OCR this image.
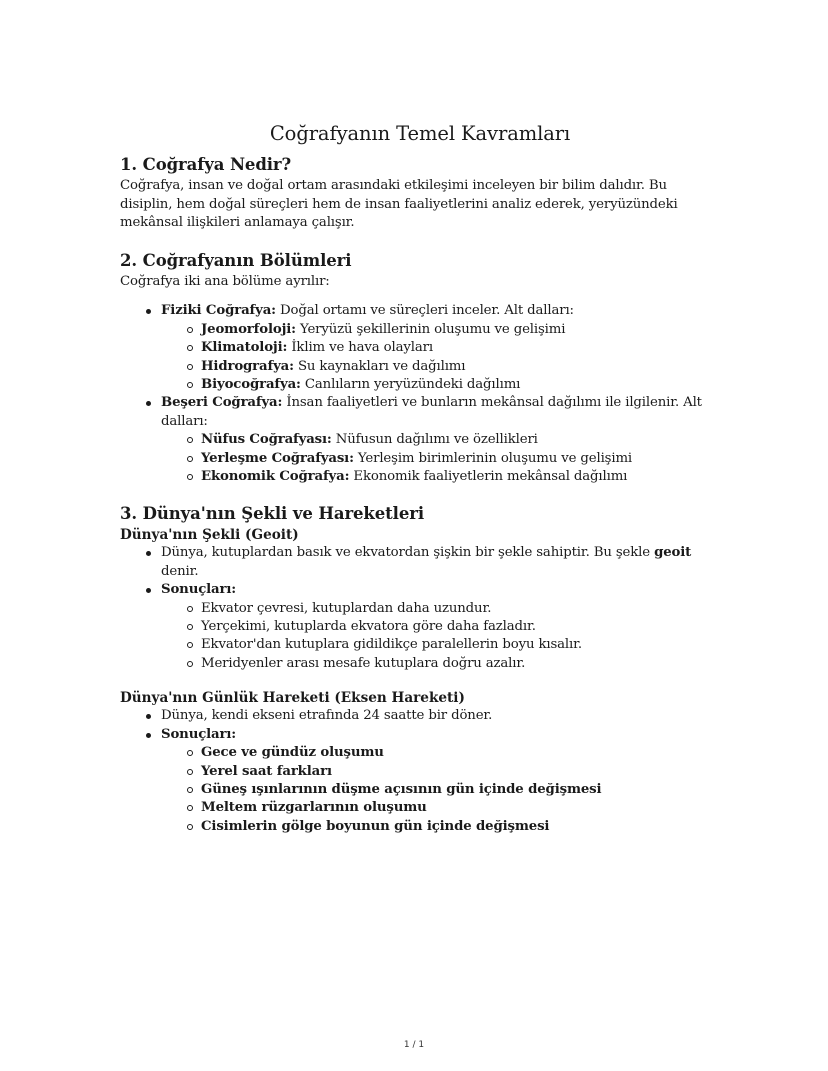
Coğrafyanın Temel Kavramları
1. Coğrafya Nedir?

Coğrafya, insan ve doğal ortam arasındaki etkileşimi inceleyen bir bilim dalıdır. Bu disiplin, hem doğal süreçleri hem de insan faaliyetlerini analiz ederek, yeryüzündeki mekânsal ilişkileri anlamaya çalışır.

2. Coğrafyanın Bölümleri

Coğrafya iki ana bölüme ayrılır:

Fiziki Coğrafya: Doğal ortamı ve süreçleri inceler. Alt dalları:
Jeomorfoloji: Yeryüzü şekillerinin oluşumu ve gelişimi
Klimatoloji: İklim ve hava olayları
Hidrografya: Su kaynakları ve dağılımı
Biyocoğrafya: Canlıların yeryüzündeki dağılımı
Beşeri Coğrafya: İnsan faaliyetleri ve bunların mekânsal dağılımı ile ilgilenir. Alt dalları:
Nüfus Coğrafyası: Nüfusun dağılımı ve özellikleri
Yerleşme Coğrafyası: Yerleşim birimlerinin oluşumu ve gelişimi
Ekonomik Coğrafya: Ekonomik faaliyetlerin mekânsal dağılımı
3. Dünya'nın Şekli ve Hareketleri
Dünya'nın Şekli (Geoit)
Dünya, kutuplardan basık ve ekvatordan şişkin bir şekle sahiptir. Bu şekle geoit denir.
Sonuçları:
Ekvator çevresi, kutuplardan daha uzundur.
Yerçekimi, kutuplarda ekvatora göre daha fazladır.
Ekvator'dan kutuplara gidildikçe paralellerin boyu kısalır.
Meridyenler arası mesafe kutuplara doğru azalır.
Dünya'nın Günlük Hareketi (Eksen Hareketi)
Dünya, kendi ekseni etrafında 24 saatte bir döner.
Sonuçları:
Gece ve gündüz oluşumu
Yerel saat farkları
Güneş ışınlarının düşme açısının gün içinde değişmesi
Meltem rüzgarlarının oluşumu
Cisimlerin gölge boyunun gün içinde değişmesi
1 / 1
